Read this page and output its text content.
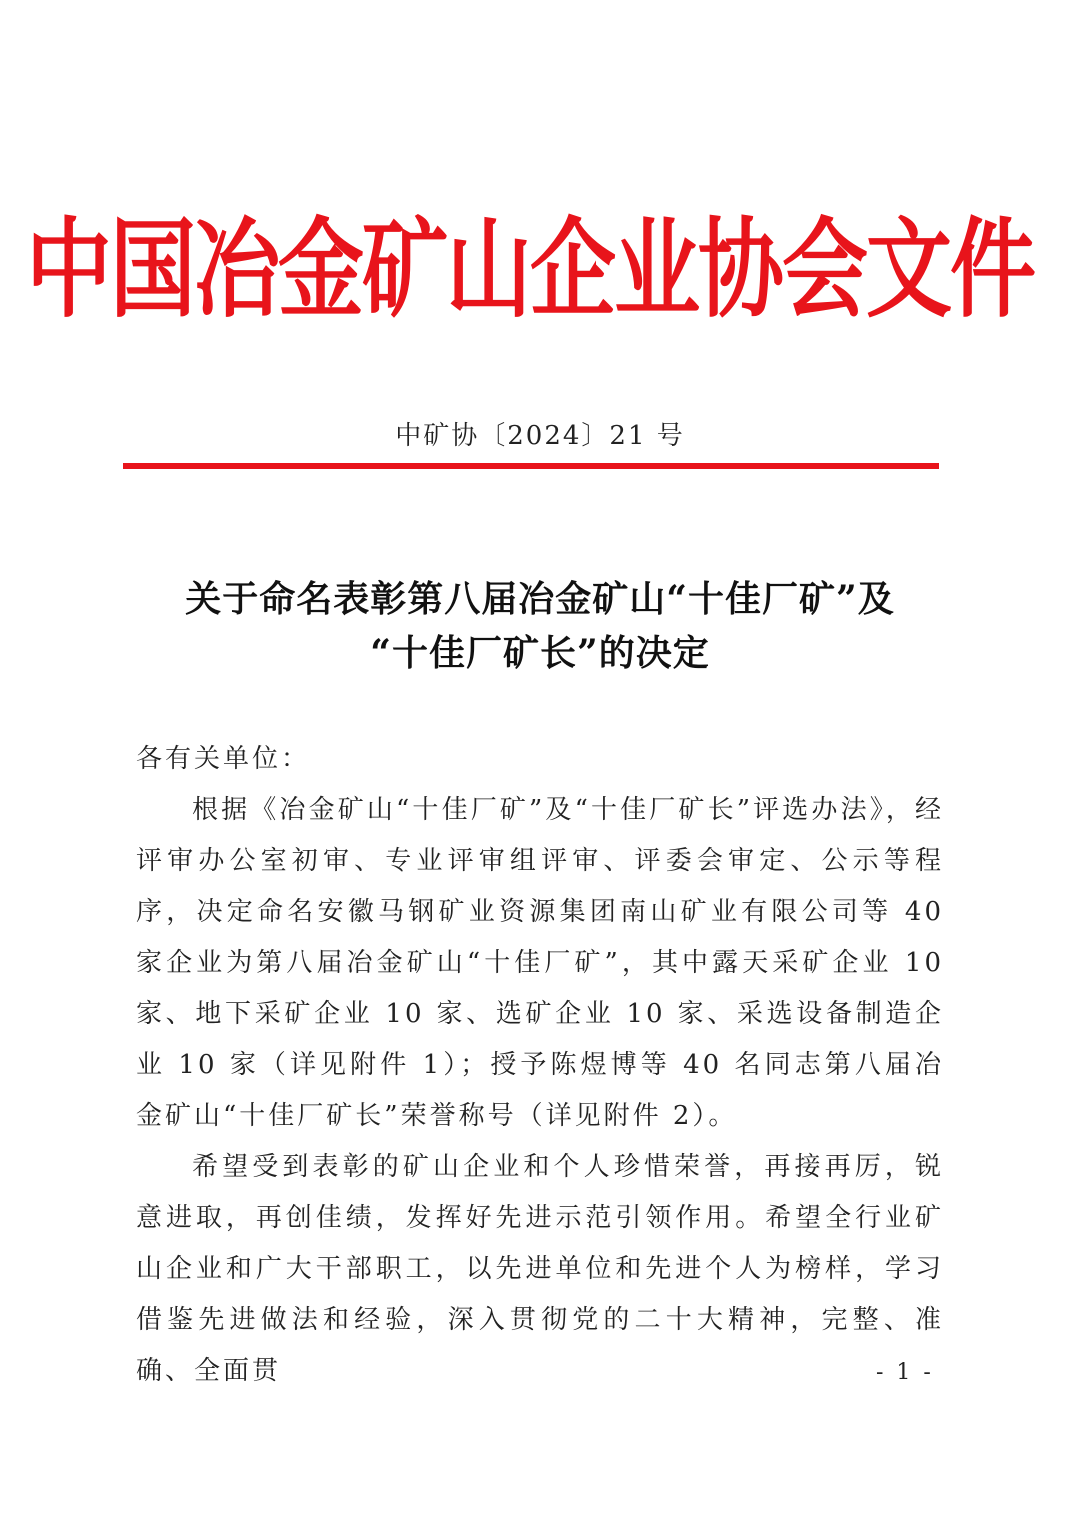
中国冶金矿山企业协会文件
中矿协〔2024〕21 号
关于命名表彰第八届冶金矿山“十佳厂矿”及
“十佳厂矿长”的决定
各有关单位：

根据《冶金矿山“十佳厂矿”及“十佳厂矿长”评选办法》，经评审办公室初审、专业评审组评审、评委会审定、公示等程序，决定命名安徽马钢矿业资源集团南山矿业有限公司等 40 家企业为第八届冶金矿山“十佳厂矿”，其中露天采矿企业 10 家、地下采矿企业 10 家、选矿企业 10 家、采选设备制造企业 10 家（详见附件 1）；授予陈煜博等 40 名同志第八届冶金矿山“十佳厂矿长”荣誉称号（详见附件 2）。

希望受到表彰的矿山企业和个人珍惜荣誉，再接再厉，锐意进取，再创佳绩，发挥好先进示范引领作用。希望全行业矿山企业和广大干部职工，以先进单位和先进个人为榜样，学习借鉴先进做法和经验，深入贯彻党的二十大精神，完整、准确、全面贯	- 1 -
